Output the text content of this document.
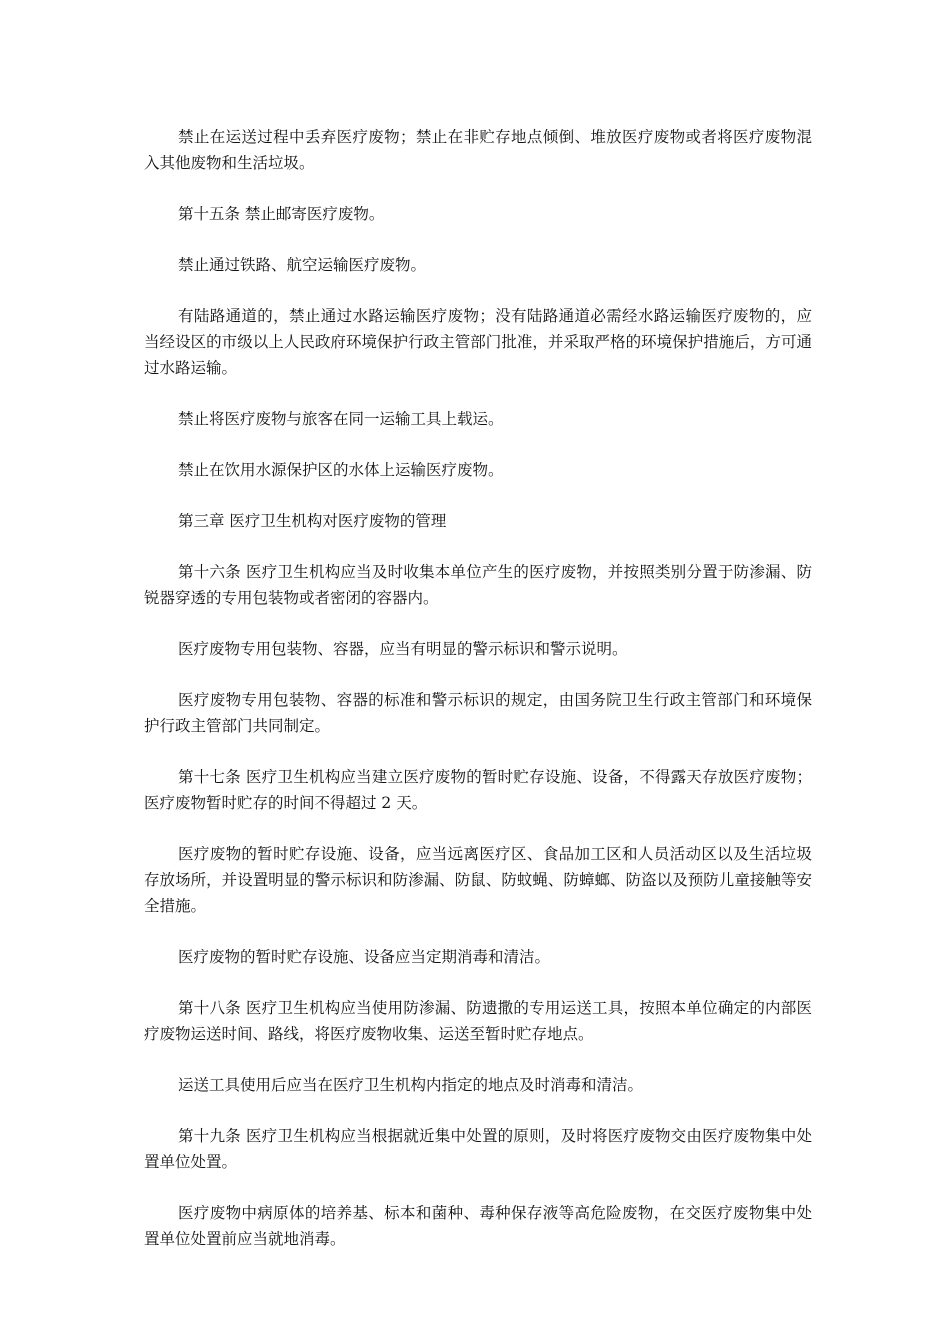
禁止在运送过程中丢弃医疗废物；禁止在非贮存地点倾倒、堆放医疗废物或者将医疗废物混入其他废物和生活垃圾。

第十五条 禁止邮寄医疗废物。

禁止通过铁路、航空运输医疗废物。

有陆路通道的，禁止通过水路运输医疗废物；没有陆路通道必需经水路运输医疗废物的，应当经设区的市级以上人民政府环境保护行政主管部门批准，并采取严格的环境保护措施后，方可通过水路运输。

禁止将医疗废物与旅客在同一运输工具上载运。

禁止在饮用水源保护区的水体上运输医疗废物。

第三章 医疗卫生机构对医疗废物的管理

第十六条 医疗卫生机构应当及时收集本单位产生的医疗废物，并按照类别分置于防渗漏、防锐器穿透的专用包装物或者密闭的容器内。

医疗废物专用包装物、容器，应当有明显的警示标识和警示说明。

医疗废物专用包装物、容器的标准和警示标识的规定，由国务院卫生行政主管部门和环境保护行政主管部门共同制定。

第十七条 医疗卫生机构应当建立医疗废物的暂时贮存设施、设备，不得露天存放医疗废物；医疗废物暂时贮存的时间不得超过 2 天。

医疗废物的暂时贮存设施、设备，应当远离医疗区、食品加工区和人员活动区以及生活垃圾存放场所，并设置明显的警示标识和防渗漏、防鼠、防蚊蝇、防蟑螂、防盗以及预防儿童接触等安全措施。

医疗废物的暂时贮存设施、设备应当定期消毒和清洁。

第十八条 医疗卫生机构应当使用防渗漏、防遗撒的专用运送工具，按照本单位确定的内部医疗废物运送时间、路线，将医疗废物收集、运送至暂时贮存地点。

运送工具使用后应当在医疗卫生机构内指定的地点及时消毒和清洁。

第十九条 医疗卫生机构应当根据就近集中处置的原则，及时将医疗废物交由医疗废物集中处置单位处置。

医疗废物中病原体的培养基、标本和菌种、毒种保存液等高危险废物，在交医疗废物集中处置单位处置前应当就地消毒。
